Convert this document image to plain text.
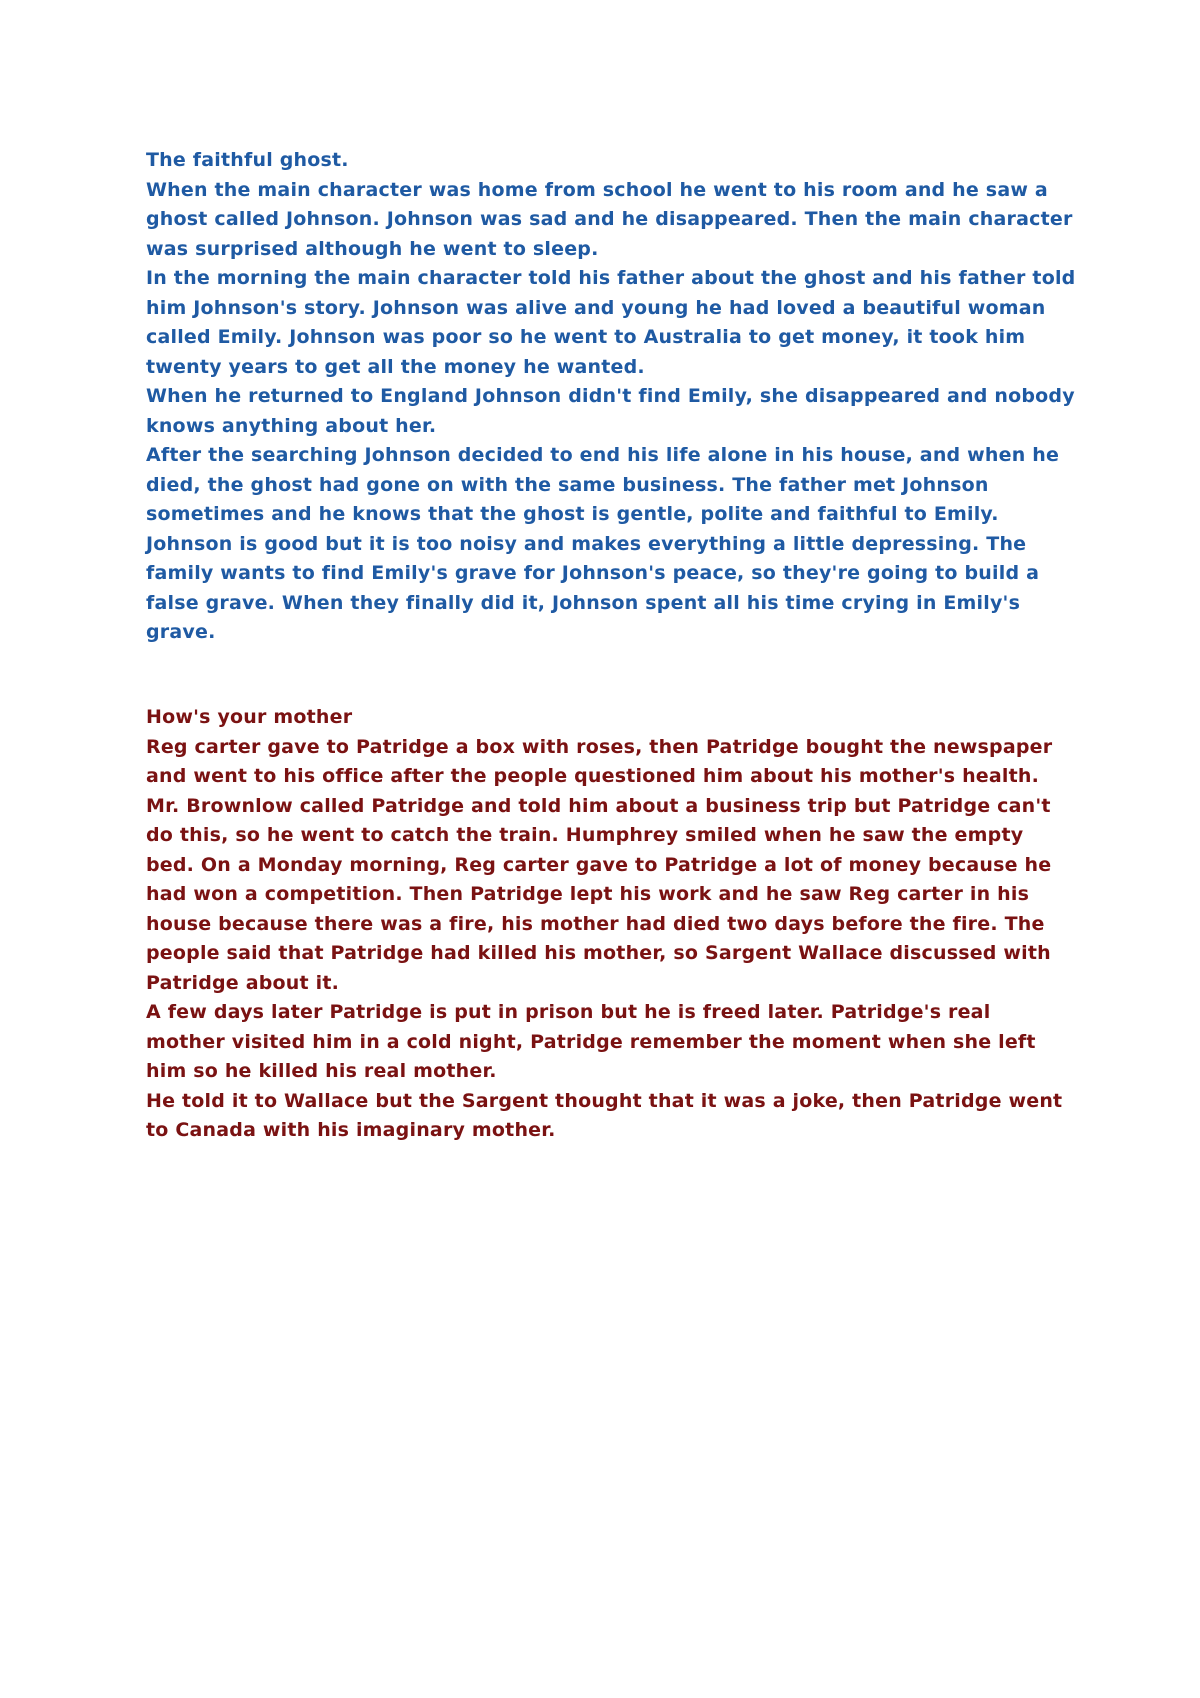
The faithful ghost.

When the main character was home from school he went to his room and he saw a ghost called Johnson. Johnson was sad and he disappeared. Then the main character was surprised although he went to sleep.

In the morning the main character told his father about the ghost and his father told him Johnson's story. Johnson was alive and young he had loved a beautiful woman called Emily. Johnson was poor so he went to Australia to get money, it took him twenty years to get all the money he wanted.

When he returned to England Johnson didn't find Emily, she disappeared and nobody knows anything about her.

After the searching Johnson decided to end his life alone in his house, and when he died, the ghost had gone on with the same business. The father met Johnson sometimes and he knows that the ghost is gentle, polite and faithful to Emily. Johnson is good but it is too noisy and makes everything a little depressing. The family wants to find Emily's grave for Johnson's peace, so they're going to build a false grave. When they finally did it, Johnson spent all his time crying in Emily's grave.

How's your mother

Reg carter gave to Patridge a box with roses, then Patridge bought the newspaper and went to his office after the people questioned him about his mother's health.

Mr. Brownlow called Patridge and told him about a business trip but Patridge can't do this, so he went to catch the train. Humphrey smiled when he saw the empty bed. On a Monday morning, Reg carter gave to Patridge a lot of money because he had won a competition. Then Patridge lept his work and he saw Reg carter in his house because there was a fire, his mother had died two days before the fire. The people said that Patridge had killed his mother, so Sargent Wallace discussed with Patridge about it.

A few days later Patridge is put in prison but he is freed later. Patridge's real mother visited him in a cold night, Patridge remember the moment when she left him so he killed his real mother.

He told it to Wallace but the Sargent thought that it was a joke, then Patridge went to Canada with his imaginary mother.
